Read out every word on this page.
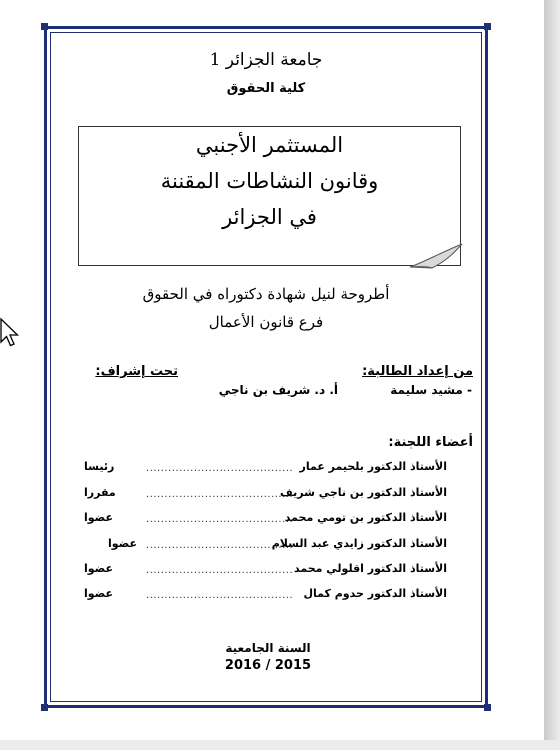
جامعة الجزائر 1
كلية الحقوق
المستثمر الأجنبي
وقانون النشاطات المقننة
في الجزائر
أطروحة لنيل شهادة دكتوراه في الحقوق
فرع قانون الأعمال
من إعداد الطالبة:
- مشيد سليمة
تحت إشراف:
أ. د. شريف بن ناجي
أعضاء اللجنة:
الأستاذ الدكتور بلحيمر عمار
........................................
رئيسا
الأستاذ الدكتور بن ناجي شريف
........................................
مقررا
الأستاذ الدكتور بن تومي محمد
........................................
عضوا
الأستاذ الدكتور زايدي عبد السلام
........................................
عضوا
الأستاذ الدكتور اقلولي محمد
........................................
عضوا
الأستاذ الدكتور حدوم كمال
........................................
عضوا
السنة الجامعية
2016 / 2015
